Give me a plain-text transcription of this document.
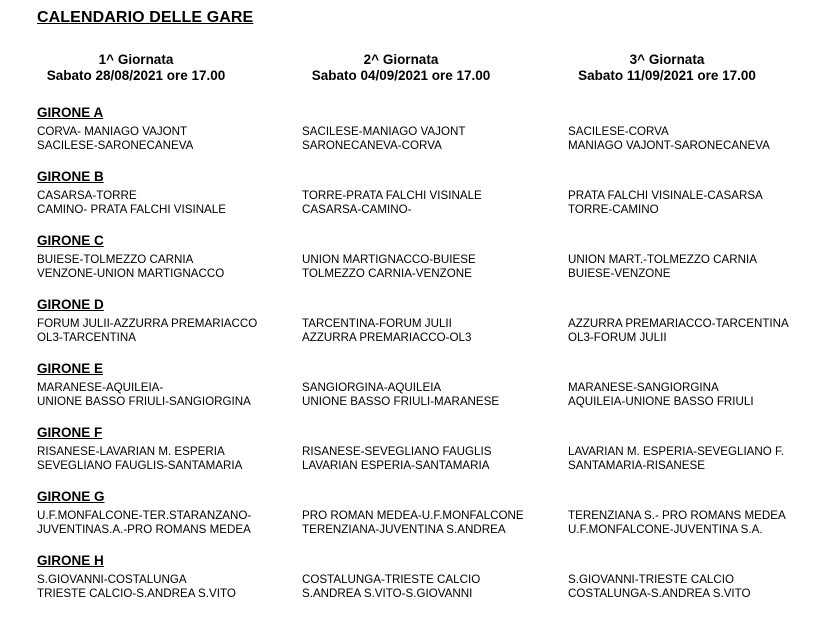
CALENDARIO DELLE GARE
1^ Giornata
Sabato 28/08/2021 ore 17.00
2^ Giornata
Sabato 04/09/2021 ore 17.00
3^ Giornata
Sabato 11/09/2021 ore 17.00
GIRONE A
CORVA- MANIAGO VAJONT
SACILESE-SARONECANEVA
SACILESE-MANIAGO VAJONT
SARONECANEVA-CORVA
SACILESE-CORVA
MANIAGO VAJONT-SARONECANEVA
GIRONE B
CASARSA-TORRE
CAMINO- PRATA FALCHI VISINALE
TORRE-PRATA FALCHI VISINALE
CASARSA-CAMINO-
PRATA FALCHI VISINALE-CASARSA
TORRE-CAMINO
GIRONE C
BUIESE-TOLMEZZO CARNIA
VENZONE-UNION MARTIGNACCO
UNION MARTIGNACCO-BUIESE
TOLMEZZO CARNIA-VENZONE
UNION MART.-TOLMEZZO CARNIA
BUIESE-VENZONE
GIRONE D
FORUM JULII-AZZURRA PREMARIACCO
OL3-TARCENTINA
TARCENTINA-FORUM JULII
AZZURRA PREMARIACCO-OL3
AZZURRA PREMARIACCO-TARCENTINA
OL3-FORUM JULII
GIRONE E
MARANESE-AQUILEIA-
UNIONE BASSO FRIULI-SANGIORGINA
SANGIORGINA-AQUILEIA
UNIONE BASSO FRIULI-MARANESE
MARANESE-SANGIORGINA
AQUILEIA-UNIONE BASSO FRIULI
GIRONE F
RISANESE-LAVARIAN M. ESPERIA
SEVEGLIANO FAUGLIS-SANTAMARIA
RISANESE-SEVEGLIANO FAUGLIS
LAVARIAN ESPERIA-SANTAMARIA
LAVARIAN M. ESPERIA-SEVEGLIANO F.
SANTAMARIA-RISANESE
GIRONE G
U.F.MONFALCONE-TER.STARANZANO-
JUVENTINAS.A.-PRO ROMANS MEDEA
PRO ROMAN MEDEA-U.F.MONFALCONE
TERENZIANA-JUVENTINA S.ANDREA
TERENZIANA S.- PRO ROMANS MEDEA
U.F.MONFALCONE-JUVENTINA S.A.
GIRONE H
S.GIOVANNI-COSTALUNGA
TRIESTE CALCIO-S.ANDREA S.VITO
COSTALUNGA-TRIESTE CALCIO
S.ANDREA S.VITO-S.GIOVANNI
S.GIOVANNI-TRIESTE CALCIO
COSTALUNGA-S.ANDREA S.VITO
